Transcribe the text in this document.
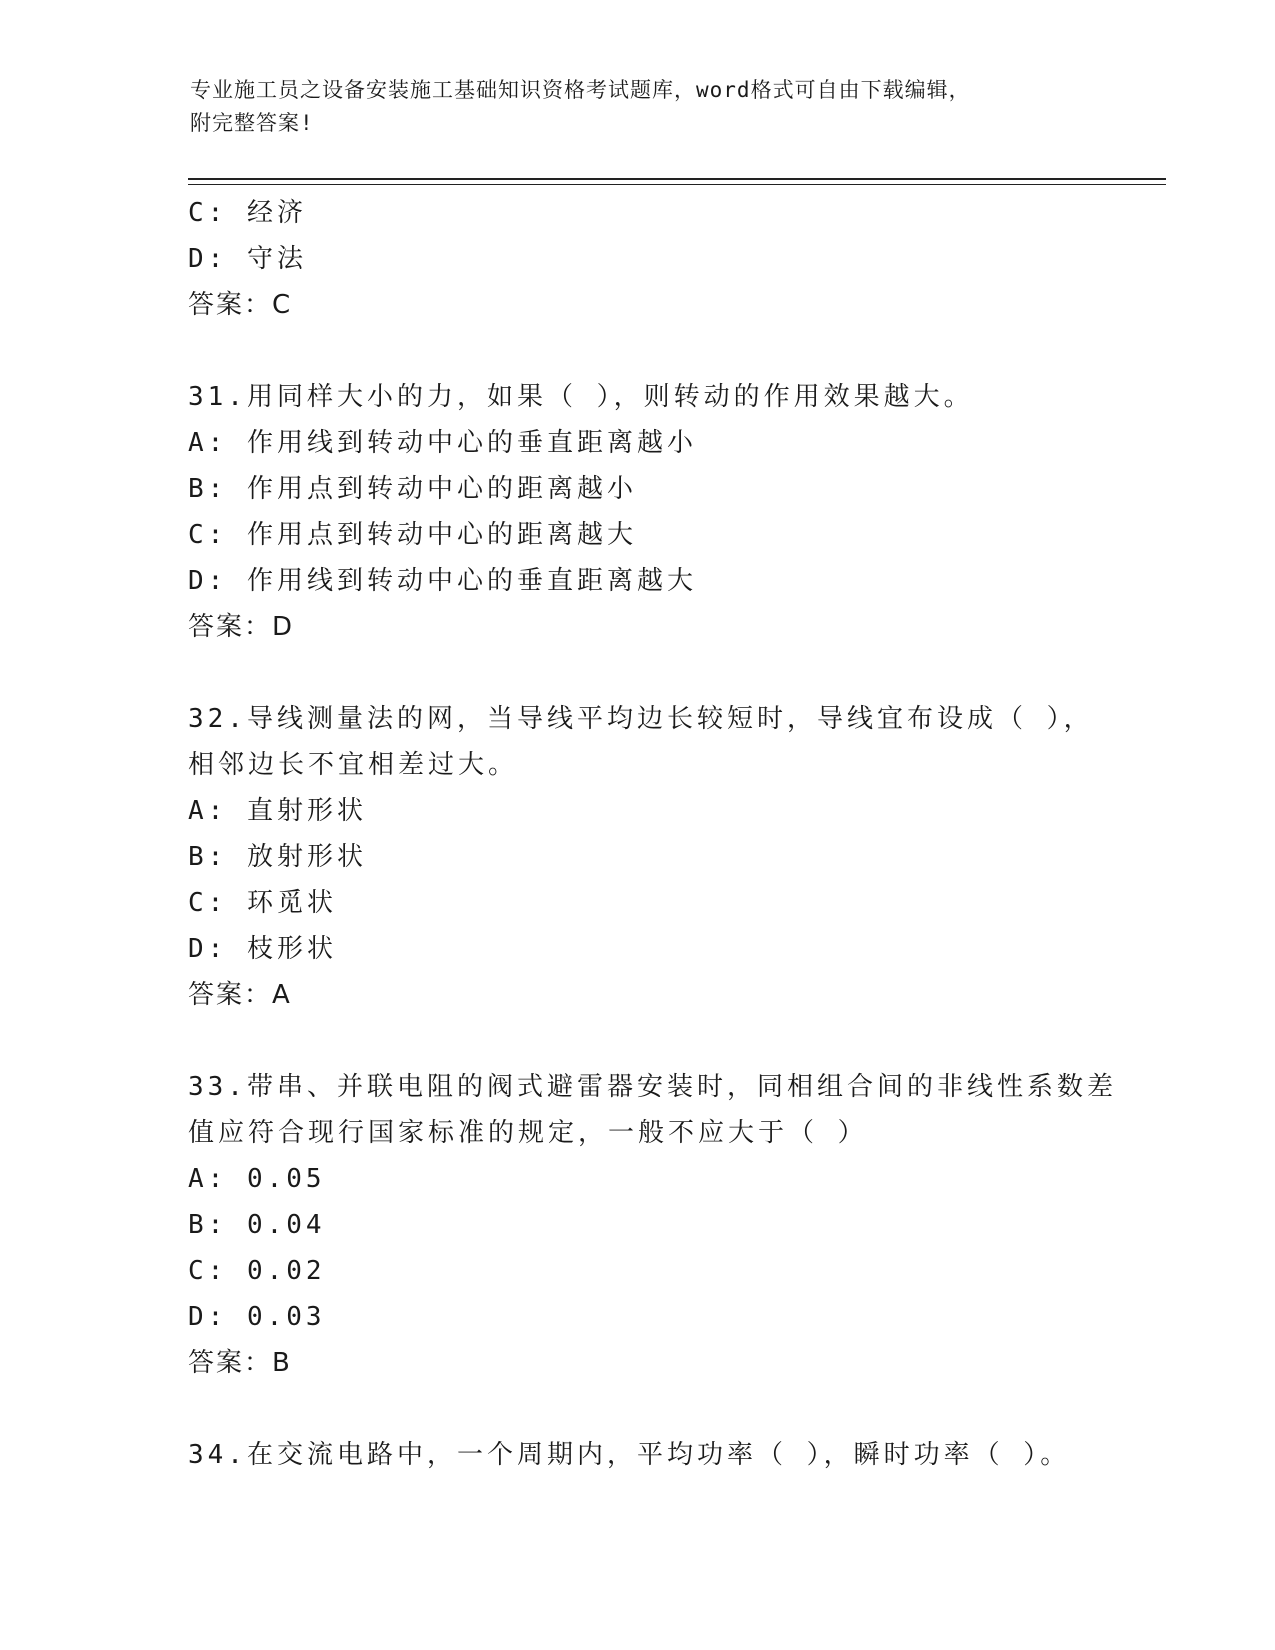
专业施工员之设备安装施工基础知识资格考试题库，word格式可自由下载编辑，
附完整答案!
C: 经济
D: 守法
答案：C
31.用同样大小的力，如果（ ），则转动的作用效果越大。
A: 作用线到转动中心的垂直距离越小
B: 作用点到转动中心的距离越小
C: 作用点到转动中心的距离越大
D: 作用线到转动中心的垂直距离越大
答案：D
32.导线测量法的网，当导线平均边长较短时，导线宜布设成（ ），
相邻边长不宜相差过大。
A: 直射形状
B: 放射形状
C: 环觅状
D: 枝形状
答案：A
33.带串、并联电阻的阀式避雷器安装时，同相组合间的非线性系数差
值应符合现行国家标准的规定，一般不应大于（ ）
A: 0.05
B: 0.04
C: 0.02
D: 0.03
答案：B
34.在交流电路中，一个周期内，平均功率（ ），瞬时功率（ ）。
